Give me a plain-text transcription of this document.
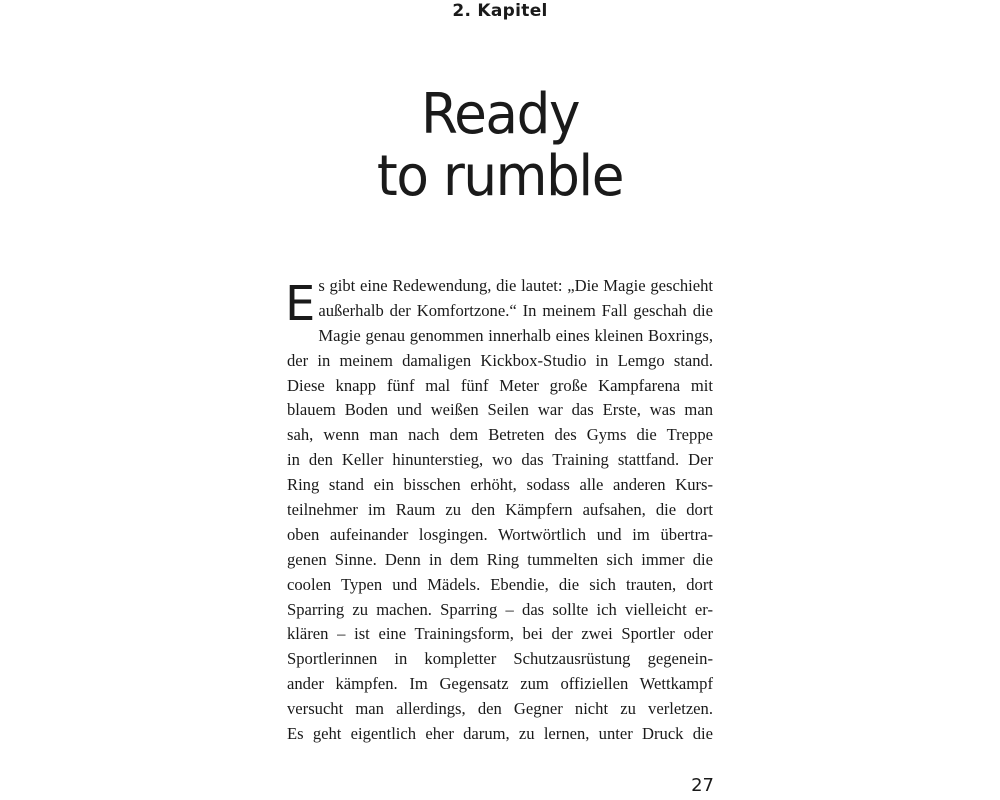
2. Kapitel
Ready
to rumble
E s gibt eine Redewendung, die lautet: „Die Magie geschieht
außerhalb der Komfortzone.“ In meinem Fall geschah die
Magie genau genommen innerhalb eines kleinen Boxrings,
der in meinem damaligen Kickbox-Studio in Lemgo stand.
Diese knapp fünf mal fünf Meter große Kampfarena mit
blauem Boden und weißen Seilen war das Erste, was man
sah, wenn man nach dem Betreten des Gyms die Treppe
in den Keller hinunterstieg, wo das Training stattfand. Der
Ring stand ein bisschen erhöht, sodass alle anderen Kurs-
teilnehmer im Raum zu den Kämpfern aufsahen, die dort
oben aufeinander losgingen. Wortwörtlich und im übertra-
genen Sinne. Denn in dem Ring tummelten sich immer die
coolen Typen und Mädels. Ebendie, die sich trauten, dort
Sparring zu machen. Sparring – das sollte ich vielleicht er-
klären – ist eine Trainingsform, bei der zwei Sportler oder
Sportlerinnen in kompletter Schutzausrüstung gegenein-
ander kämpfen. Im Gegensatz zum offiziellen Wettkampf
versucht man allerdings, den Gegner nicht zu verletzen.
Es geht eigentlich eher darum, zu lernen, unter Druck die
27
